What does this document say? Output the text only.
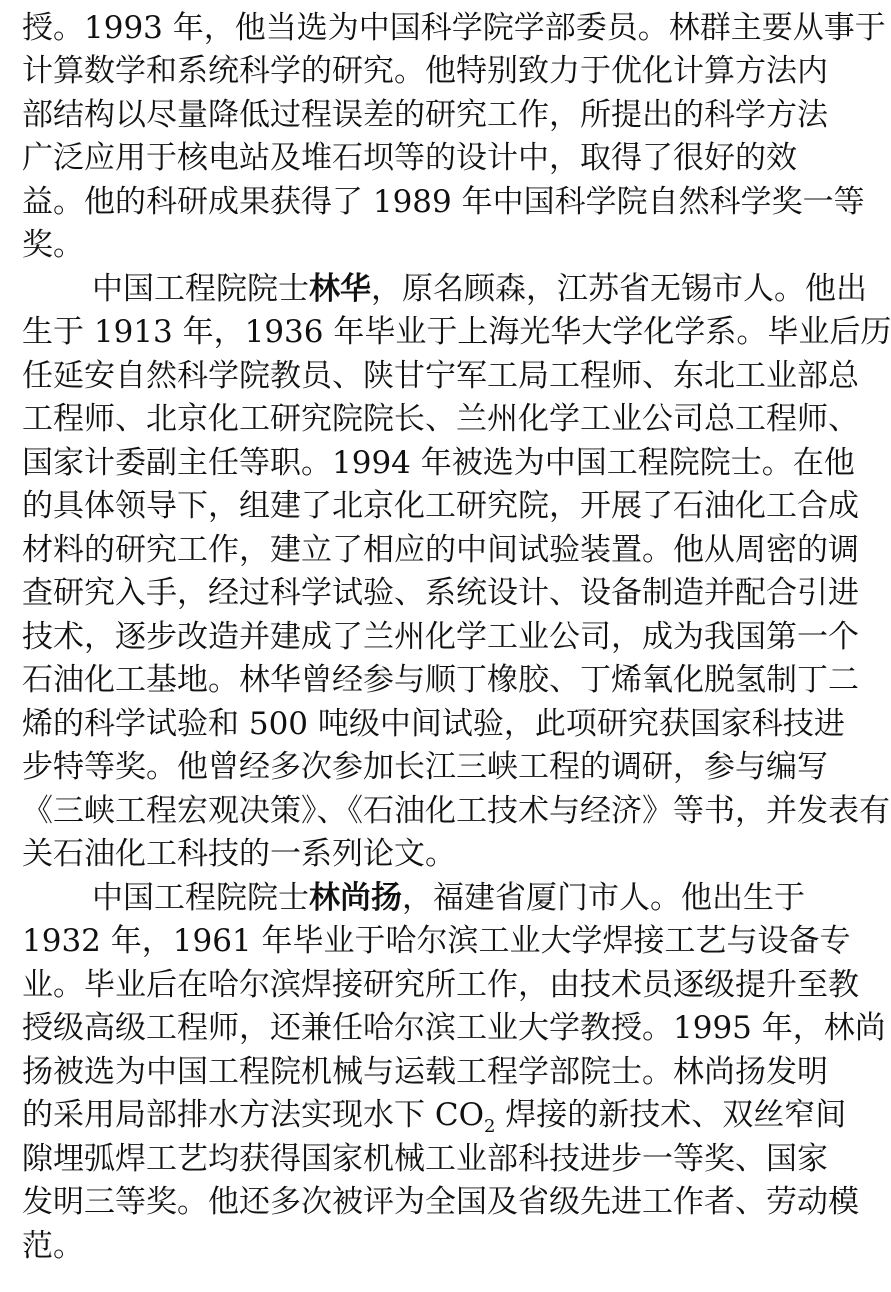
授。1993 年，他当选为中国科学院学部委员。林群主要从事于
计算数学和系统科学的研究。他特别致力于优化计算方法内
部结构以尽量降低过程误差的研究工作，所提出的科学方法
广泛应用于核电站及堆石坝等的设计中，取得了很好的效
益。他的科研成果获得了 1989 年中国科学院自然科学奖一等
奖。
中国工程院院士林华，原名顾森，江苏省无锡市人。他出
生于 1913 年，1936 年毕业于上海光华大学化学系。毕业后历
任延安自然科学院教员、陕甘宁军工局工程师、东北工业部总
工程师、北京化工研究院院长、兰州化学工业公司总工程师、
国家计委副主任等职。1994 年被选为中国工程院院士。在他
的具体领导下，组建了北京化工研究院，开展了石油化工合成
材料的研究工作，建立了相应的中间试验装置。他从周密的调
查研究入手，经过科学试验、系统设计、设备制造并配合引进
技术，逐步改造并建成了兰州化学工业公司，成为我国第一个
石油化工基地。林华曾经参与顺丁橡胶、丁烯氧化脱氢制丁二
烯的科学试验和 500 吨级中间试验，此项研究获国家科技进
步特等奖。他曾经多次参加长江三峡工程的调研，参与编写
《三峡工程宏观决策》、《石油化工技术与经济》等书，并发表有
关石油化工科技的一系列论文。
中国工程院院士林尚扬，福建省厦门市人。他出生于
1932 年，1961 年毕业于哈尔滨工业大学焊接工艺与设备专
业。毕业后在哈尔滨焊接研究所工作，由技术员逐级提升至教
授级高级工程师，还兼任哈尔滨工业大学教授。1995 年，林尚
扬被选为中国工程院机械与运载工程学部院士。林尚扬发明
的采用局部排水方法实现水下 $CO_2$ 焊接的新技术、双丝窄间
隙埋弧焊工艺均获得国家机械工业部科技进步一等奖、国家
发明三等奖。他还多次被评为全国及省级先进工作者、劳动模
范。
